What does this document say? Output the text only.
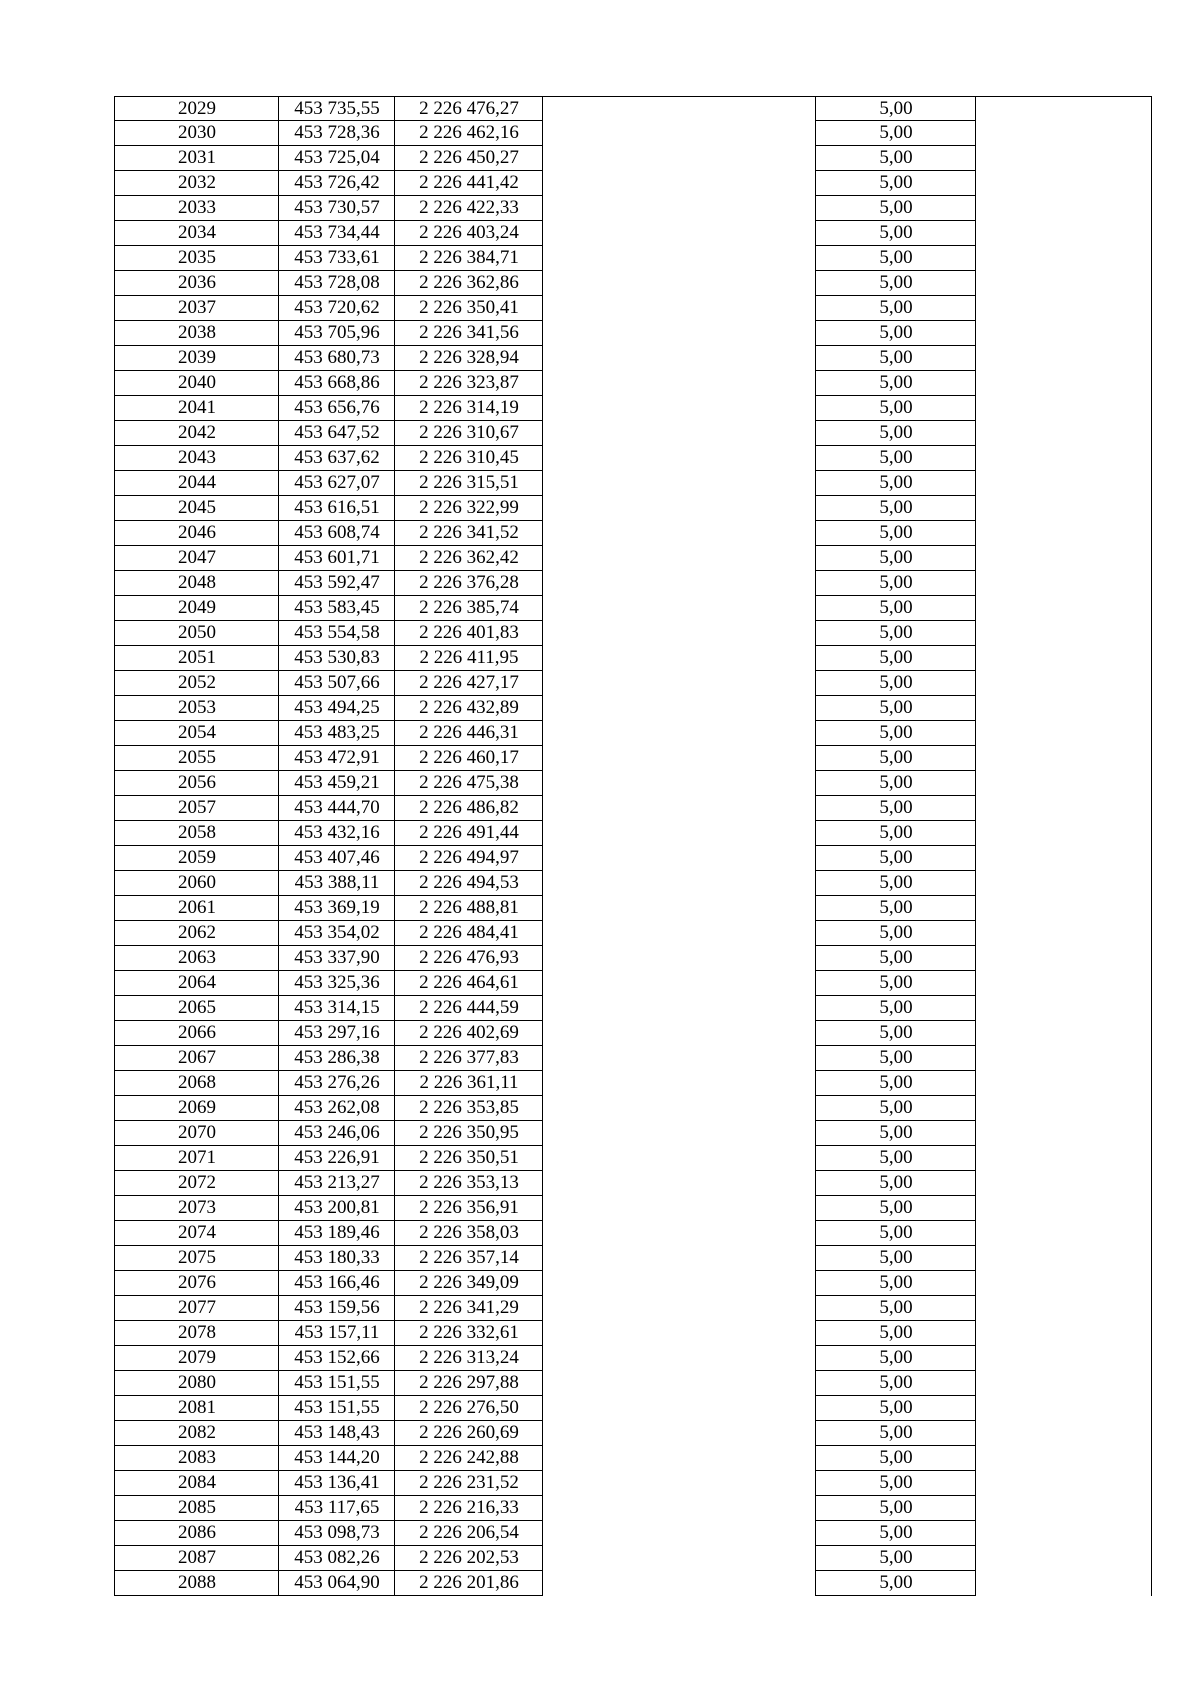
2029	453 735,55	2 226 476,27	5,00
2030	453 728,36	2 226 462,16	5,00
2031	453 725,04	2 226 450,27	5,00
2032	453 726,42	2 226 441,42	5,00
2033	453 730,57	2 226 422,33	5,00
2034	453 734,44	2 226 403,24	5,00
2035	453 733,61	2 226 384,71	5,00
2036	453 728,08	2 226 362,86	5,00
2037	453 720,62	2 226 350,41	5,00
2038	453 705,96	2 226 341,56	5,00
2039	453 680,73	2 226 328,94	5,00
2040	453 668,86	2 226 323,87	5,00
2041	453 656,76	2 226 314,19	5,00
2042	453 647,52	2 226 310,67	5,00
2043	453 637,62	2 226 310,45	5,00
2044	453 627,07	2 226 315,51	5,00
2045	453 616,51	2 226 322,99	5,00
2046	453 608,74	2 226 341,52	5,00
2047	453 601,71	2 226 362,42	5,00
2048	453 592,47	2 226 376,28	5,00
2049	453 583,45	2 226 385,74	5,00
2050	453 554,58	2 226 401,83	5,00
2051	453 530,83	2 226 411,95	5,00
2052	453 507,66	2 226 427,17	5,00
2053	453 494,25	2 226 432,89	5,00
2054	453 483,25	2 226 446,31	5,00
2055	453 472,91	2 226 460,17	5,00
2056	453 459,21	2 226 475,38	5,00
2057	453 444,70	2 226 486,82	5,00
2058	453 432,16	2 226 491,44	5,00
2059	453 407,46	2 226 494,97	5,00
2060	453 388,11	2 226 494,53	5,00
2061	453 369,19	2 226 488,81	5,00
2062	453 354,02	2 226 484,41	5,00
2063	453 337,90	2 226 476,93	5,00
2064	453 325,36	2 226 464,61	5,00
2065	453 314,15	2 226 444,59	5,00
2066	453 297,16	2 226 402,69	5,00
2067	453 286,38	2 226 377,83	5,00
2068	453 276,26	2 226 361,11	5,00
2069	453 262,08	2 226 353,85	5,00
2070	453 246,06	2 226 350,95	5,00
2071	453 226,91	2 226 350,51	5,00
2072	453 213,27	2 226 353,13	5,00
2073	453 200,81	2 226 356,91	5,00
2074	453 189,46	2 226 358,03	5,00
2075	453 180,33	2 226 357,14	5,00
2076	453 166,46	2 226 349,09	5,00
2077	453 159,56	2 226 341,29	5,00
2078	453 157,11	2 226 332,61	5,00
2079	453 152,66	2 226 313,24	5,00
2080	453 151,55	2 226 297,88	5,00
2081	453 151,55	2 226 276,50	5,00
2082	453 148,43	2 226 260,69	5,00
2083	453 144,20	2 226 242,88	5,00
2084	453 136,41	2 226 231,52	5,00
2085	453 117,65	2 226 216,33	5,00
2086	453 098,73	2 226 206,54	5,00
2087	453 082,26	2 226 202,53	5,00
2088	453 064,90	2 226 201,86	5,00
